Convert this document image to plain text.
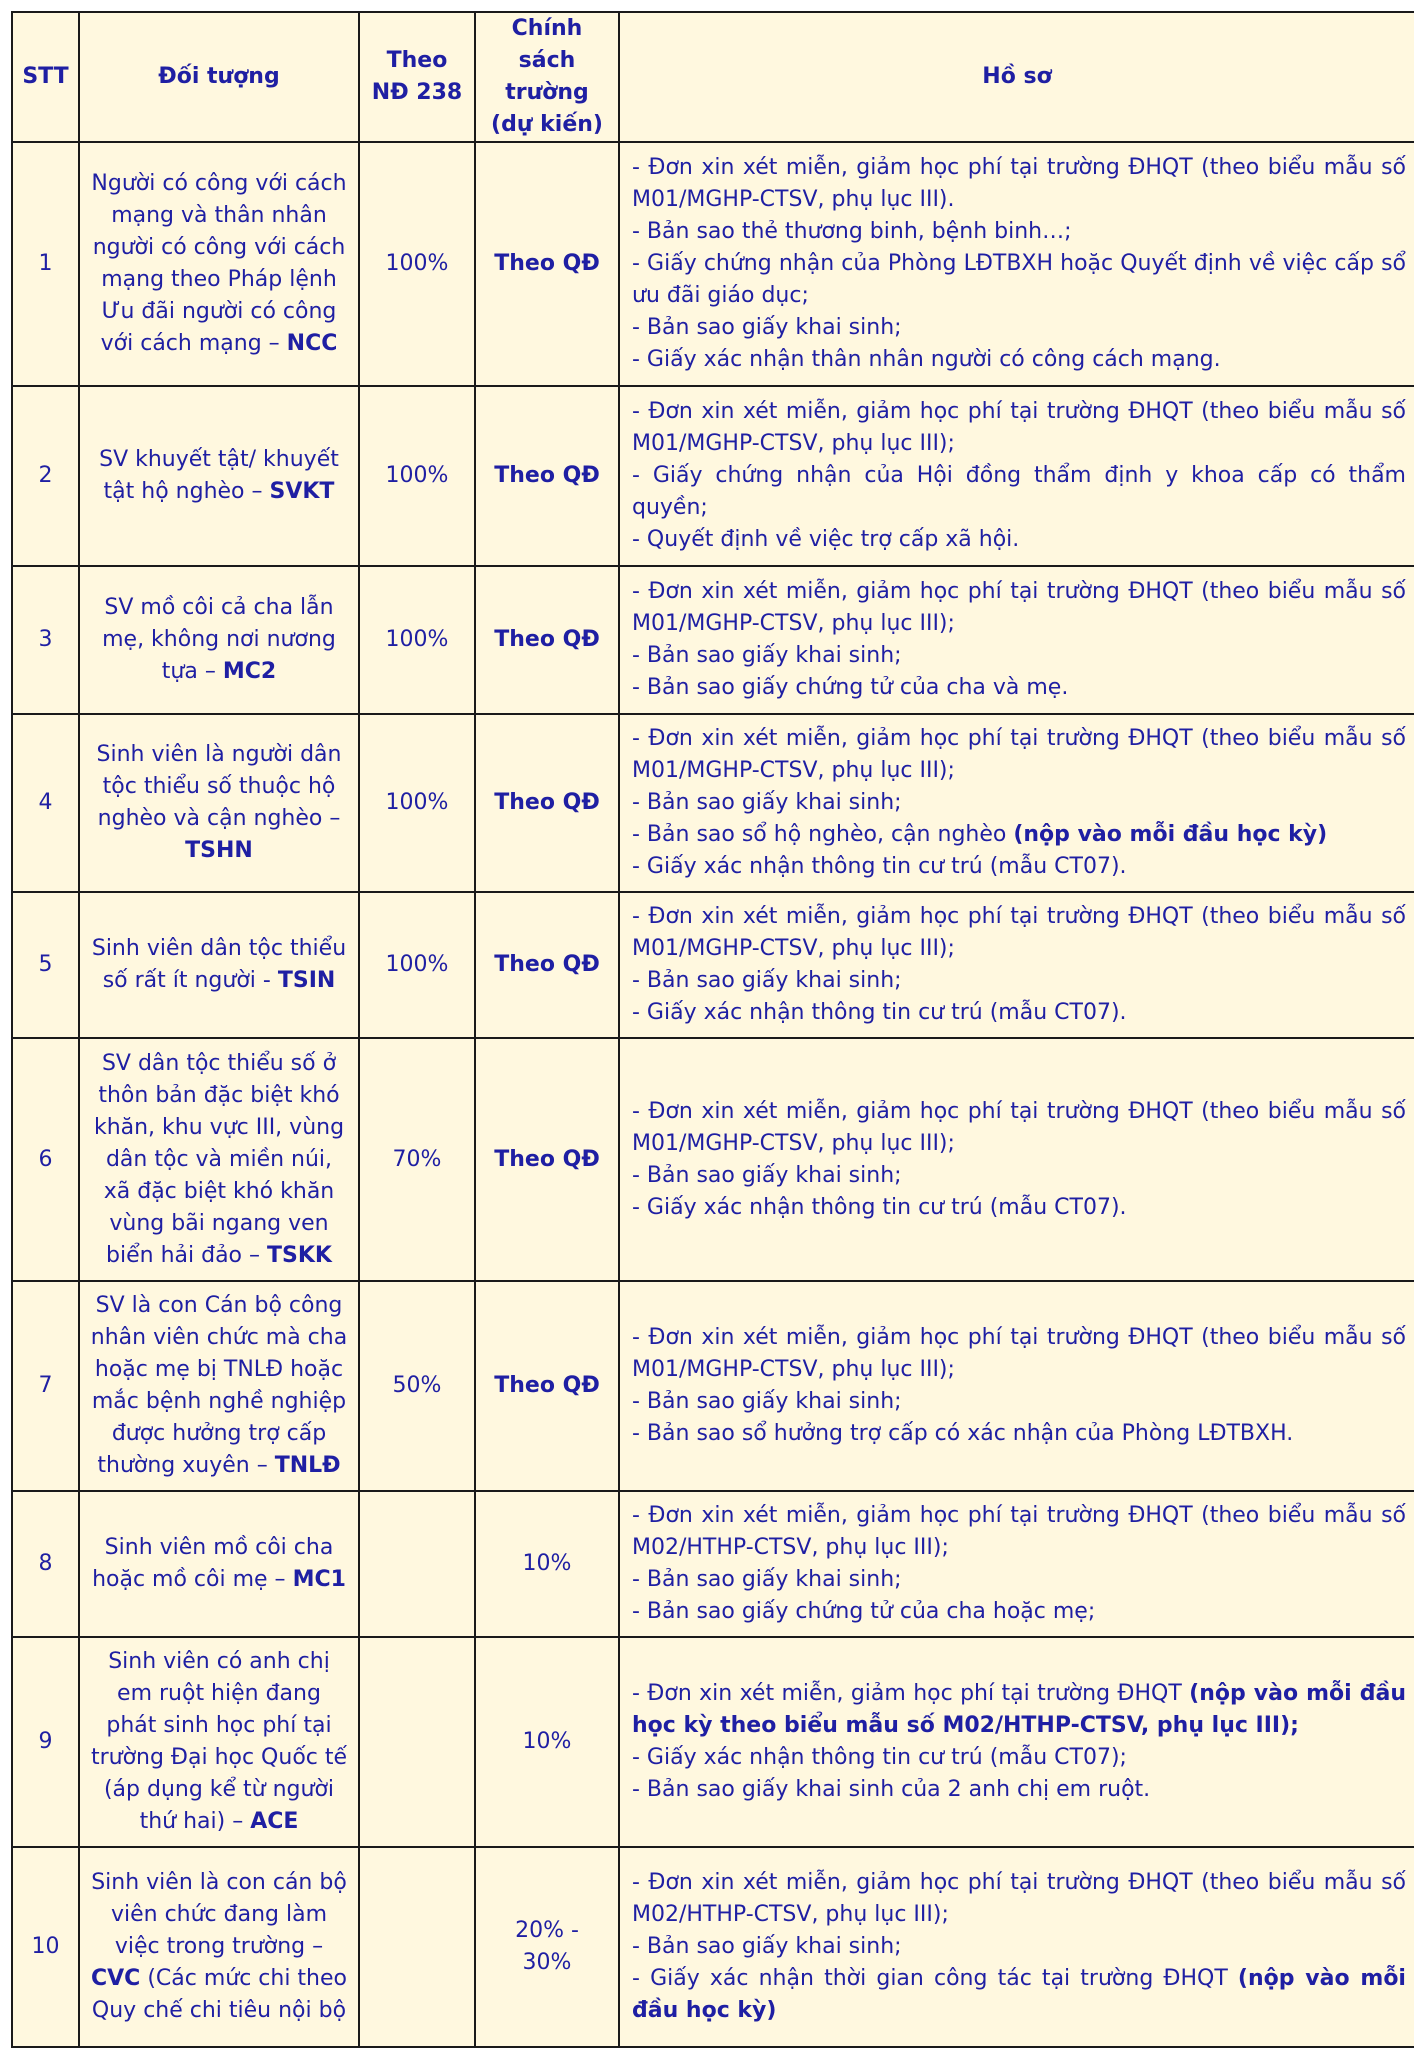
STT	Đối tượng	Theo NĐ 238	Chính sách trường (dự kiến)	Hồ sơ
1	Người có công với cách mạng và thân nhân người có công với cách mạng theo Pháp lệnh Ưu đãi người có công với cách mạng – NCC	100%	Theo QĐ	- Đơn xin xét miễn, giảm học phí tại trường ĐHQT (theo biểu mẫu số M01/MGHP-CTSV, phụ lục III).
- Bản sao thẻ thương binh, bệnh binh…;
- Giấy chứng nhận của Phòng LĐTBXH hoặc Quyết định về việc cấp sổ ưu đãi giáo dục;
- Bản sao giấy khai sinh;
- Giấy xác nhận thân nhân người có công cách mạng.

2	SV khuyết tật/ khuyết tật hộ nghèo – SVKT	100%	Theo QĐ	- Đơn xin xét miễn, giảm học phí tại trường ĐHQT (theo biểu mẫu số M01/MGHP-CTSV, phụ lục III);
- Giấy chứng nhận của Hội đồng thẩm định y khoa cấp có thẩm quyền;
- Quyết định về việc trợ cấp xã hội.

3	SV mồ côi cả cha lẫn mẹ, không nơi nương tựa – MC2	100%	Theo QĐ	- Đơn xin xét miễn, giảm học phí tại trường ĐHQT (theo biểu mẫu số M01/MGHP-CTSV, phụ lục III);
- Bản sao giấy khai sinh;
- Bản sao giấy chứng tử của cha và mẹ.

4	Sinh viên là người dân tộc thiểu số thuộc hộ nghèo và cận nghèo – TSHN	100%	Theo QĐ	- Đơn xin xét miễn, giảm học phí tại trường ĐHQT (theo biểu mẫu số M01/MGHP-CTSV, phụ lục III);
- Bản sao giấy khai sinh;
- Bản sao sổ hộ nghèo, cận nghèo (nộp vào mỗi đầu học kỳ)
- Giấy xác nhận thông tin cư trú (mẫu CT07).

5	Sinh viên dân tộc thiểu số rất ít người - TSIN	100%	Theo QĐ	- Đơn xin xét miễn, giảm học phí tại trường ĐHQT (theo biểu mẫu số M01/MGHP-CTSV, phụ lục III);
- Bản sao giấy khai sinh;
- Giấy xác nhận thông tin cư trú (mẫu CT07).

6	SV dân tộc thiểu số ở thôn bản đặc biệt khó khăn, khu vực III, vùng dân tộc và miền núi, xã đặc biệt khó khăn vùng bãi ngang ven biển hải đảo – TSKK	70%	Theo QĐ	- Đơn xin xét miễn, giảm học phí tại trường ĐHQT (theo biểu mẫu số M01/MGHP-CTSV, phụ lục III);
- Bản sao giấy khai sinh;
- Giấy xác nhận thông tin cư trú (mẫu CT07).

7	SV là con Cán bộ công nhân viên chức mà cha hoặc mẹ bị TNLĐ hoặc mắc bệnh nghề nghiệp được hưởng trợ cấp thường xuyên – TNLĐ	50%	Theo QĐ	- Đơn xin xét miễn, giảm học phí tại trường ĐHQT (theo biểu mẫu số M01/MGHP-CTSV, phụ lục III);
- Bản sao giấy khai sinh;
- Bản sao sổ hưởng trợ cấp có xác nhận của Phòng LĐTBXH.

8	Sinh viên mồ côi cha hoặc mồ côi mẹ – MC1		10%	- Đơn xin xét miễn, giảm học phí tại trường ĐHQT (theo biểu mẫu số M02/HTHP-CTSV, phụ lục III);
- Bản sao giấy khai sinh;
- Bản sao giấy chứng tử của cha hoặc mẹ;

9	Sinh viên có anh chị em ruột hiện đang phát sinh học phí tại trường Đại học Quốc tế (áp dụng kể từ người thứ hai) – ACE		10%	- Đơn xin xét miễn, giảm học phí tại trường ĐHQT (nộp vào mỗi đầu học kỳ theo biểu mẫu số M02/HTHP-CTSV, phụ lục III);
- Giấy xác nhận thông tin cư trú (mẫu CT07);
- Bản sao giấy khai sinh của 2 anh chị em ruột.

10	Sinh viên là con cán bộ viên chức đang làm việc trong trường – CVC (Các mức chi theo Quy chế chi tiêu nội bộ		20% - 30%	- Đơn xin xét miễn, giảm học phí tại trường ĐHQT (theo biểu mẫu số M02/HTHP-CTSV, phụ lục III);
- Bản sao giấy khai sinh;
- Giấy xác nhận thời gian công tác tại trường ĐHQT (nộp vào mỗi đầu học kỳ)
